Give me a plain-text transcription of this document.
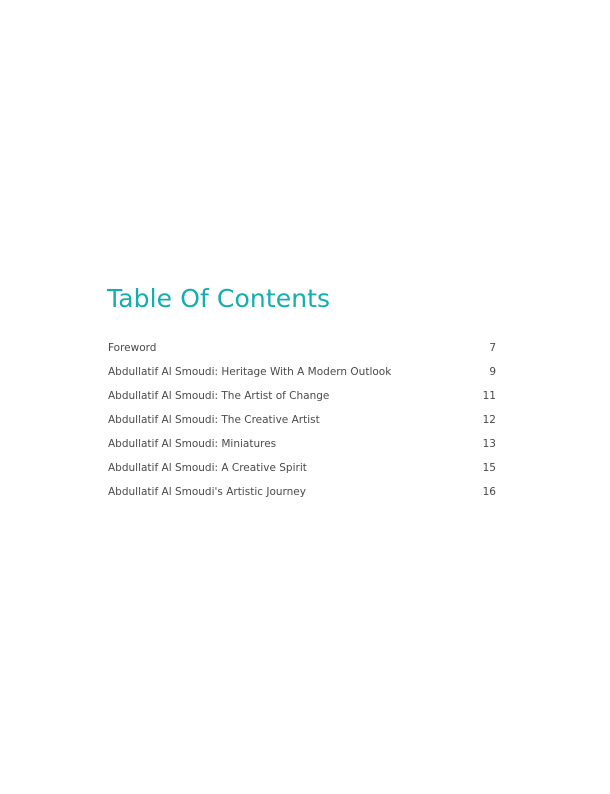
Table Of Contents
Foreword	7
Abdullatif Al Smoudi: Heritage With A Modern Outlook	9
Abdullatif Al Smoudi: The Artist of Change	11
Abdullatif Al Smoudi: The Creative Artist	12
Abdullatif Al Smoudi: Miniatures	13
Abdullatif Al Smoudi: A Creative Spirit	15
Abdullatif Al Smoudi's Artistic Journey	16
